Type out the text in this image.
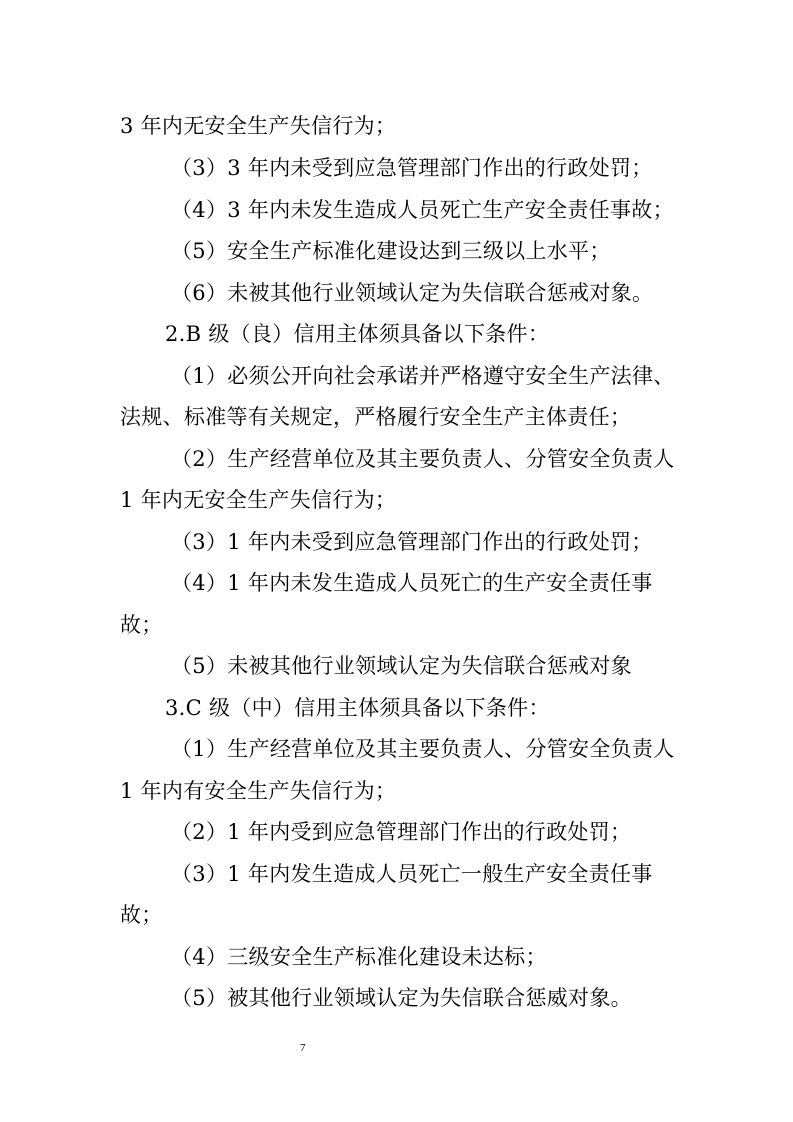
3 年内无安全生产失信行为；
（3）3 年内未受到应急管理部门作出的行政处罚；
（4）3 年内未发生造成人员死亡生产安全责任事故；
（5）安全生产标准化建设达到三级以上水平；
（6）未被其他行业领域认定为失信联合惩戒对象。
2.B 级（良）信用主体须具备以下条件：
（1）必须公开向社会承诺并严格遵守安全生产法律、
法规、标准等有关规定，严格履行安全生产主体责任；
（2）生产经营单位及其主要负责人、分管安全负责人
1 年内无安全生产失信行为；
（3）1 年内未受到应急管理部门作出的行政处罚；
（4）1 年内未发生造成人员死亡的生产安全责任事
故；
（5）未被其他行业领域认定为失信联合惩戒对象
3.C 级（中）信用主体须具备以下条件：
（1）生产经营单位及其主要负责人、分管安全负责人
1 年内有安全生产失信行为；
（2）1 年内受到应急管理部门作出的行政处罚；
（3）1 年内发生造成人员死亡一般生产安全责任事
故；
（4）三级安全生产标准化建设未达标；
（5）被其他行业领域认定为失信联合惩威对象。
7
